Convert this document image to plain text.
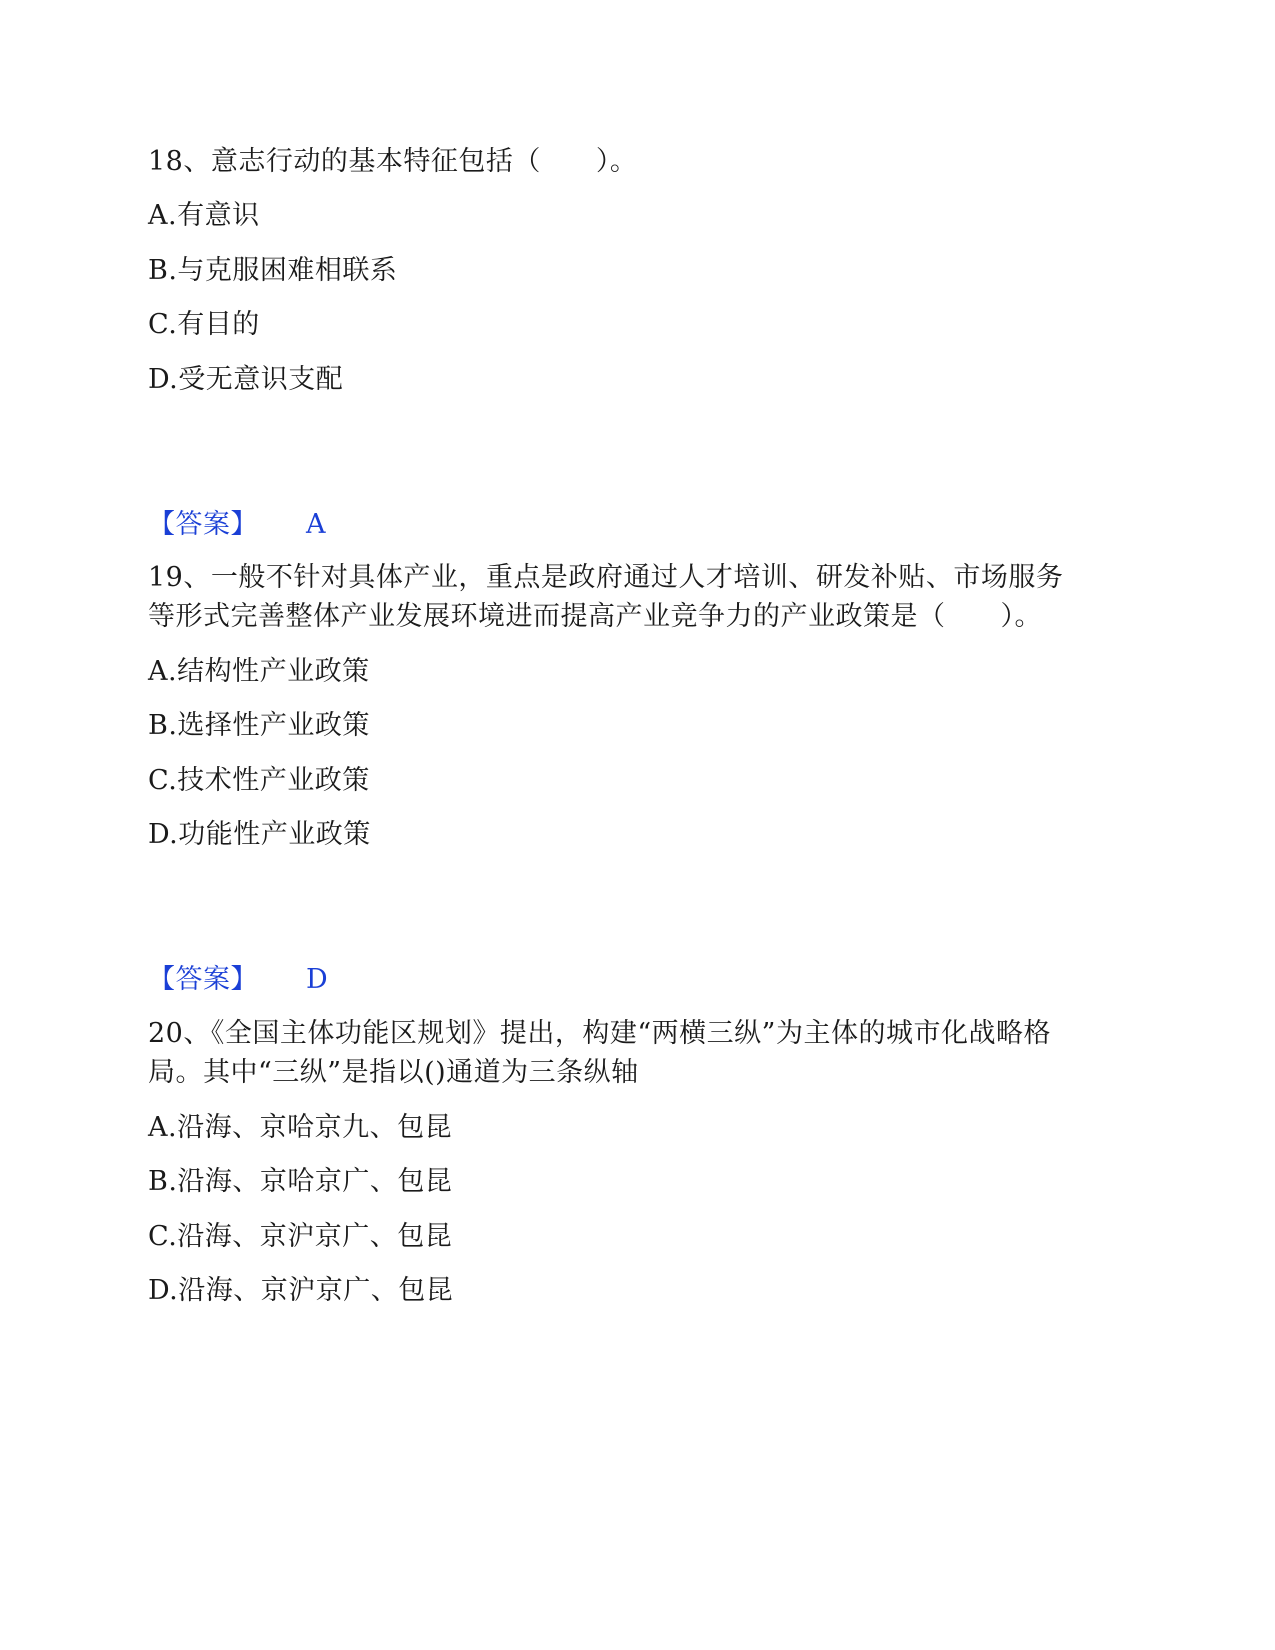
18、意志行动的基本特征包括（　　）。
A.有意识
B.与克服困难相联系
C.有目的
D.受无意识支配
【答案】 A
19、一般不针对具体产业，重点是政府通过人才培训、研发补贴、市场服务
等形式完善整体产业发展环境进而提高产业竞争力的产业政策是（　　）。
A.结构性产业政策
B.选择性产业政策
C.技术性产业政策
D.功能性产业政策
【答案】 D
20、《全国主体功能区规划》提出，构建“两横三纵”为主体的城市化战略格
局。其中“三纵”是指以()通道为三条纵轴
A.沿海、京哈京九、包昆
B.沿海、京哈京广、包昆
C.沿海、京沪京广、包昆
D.沿海、京沪京广、包昆
